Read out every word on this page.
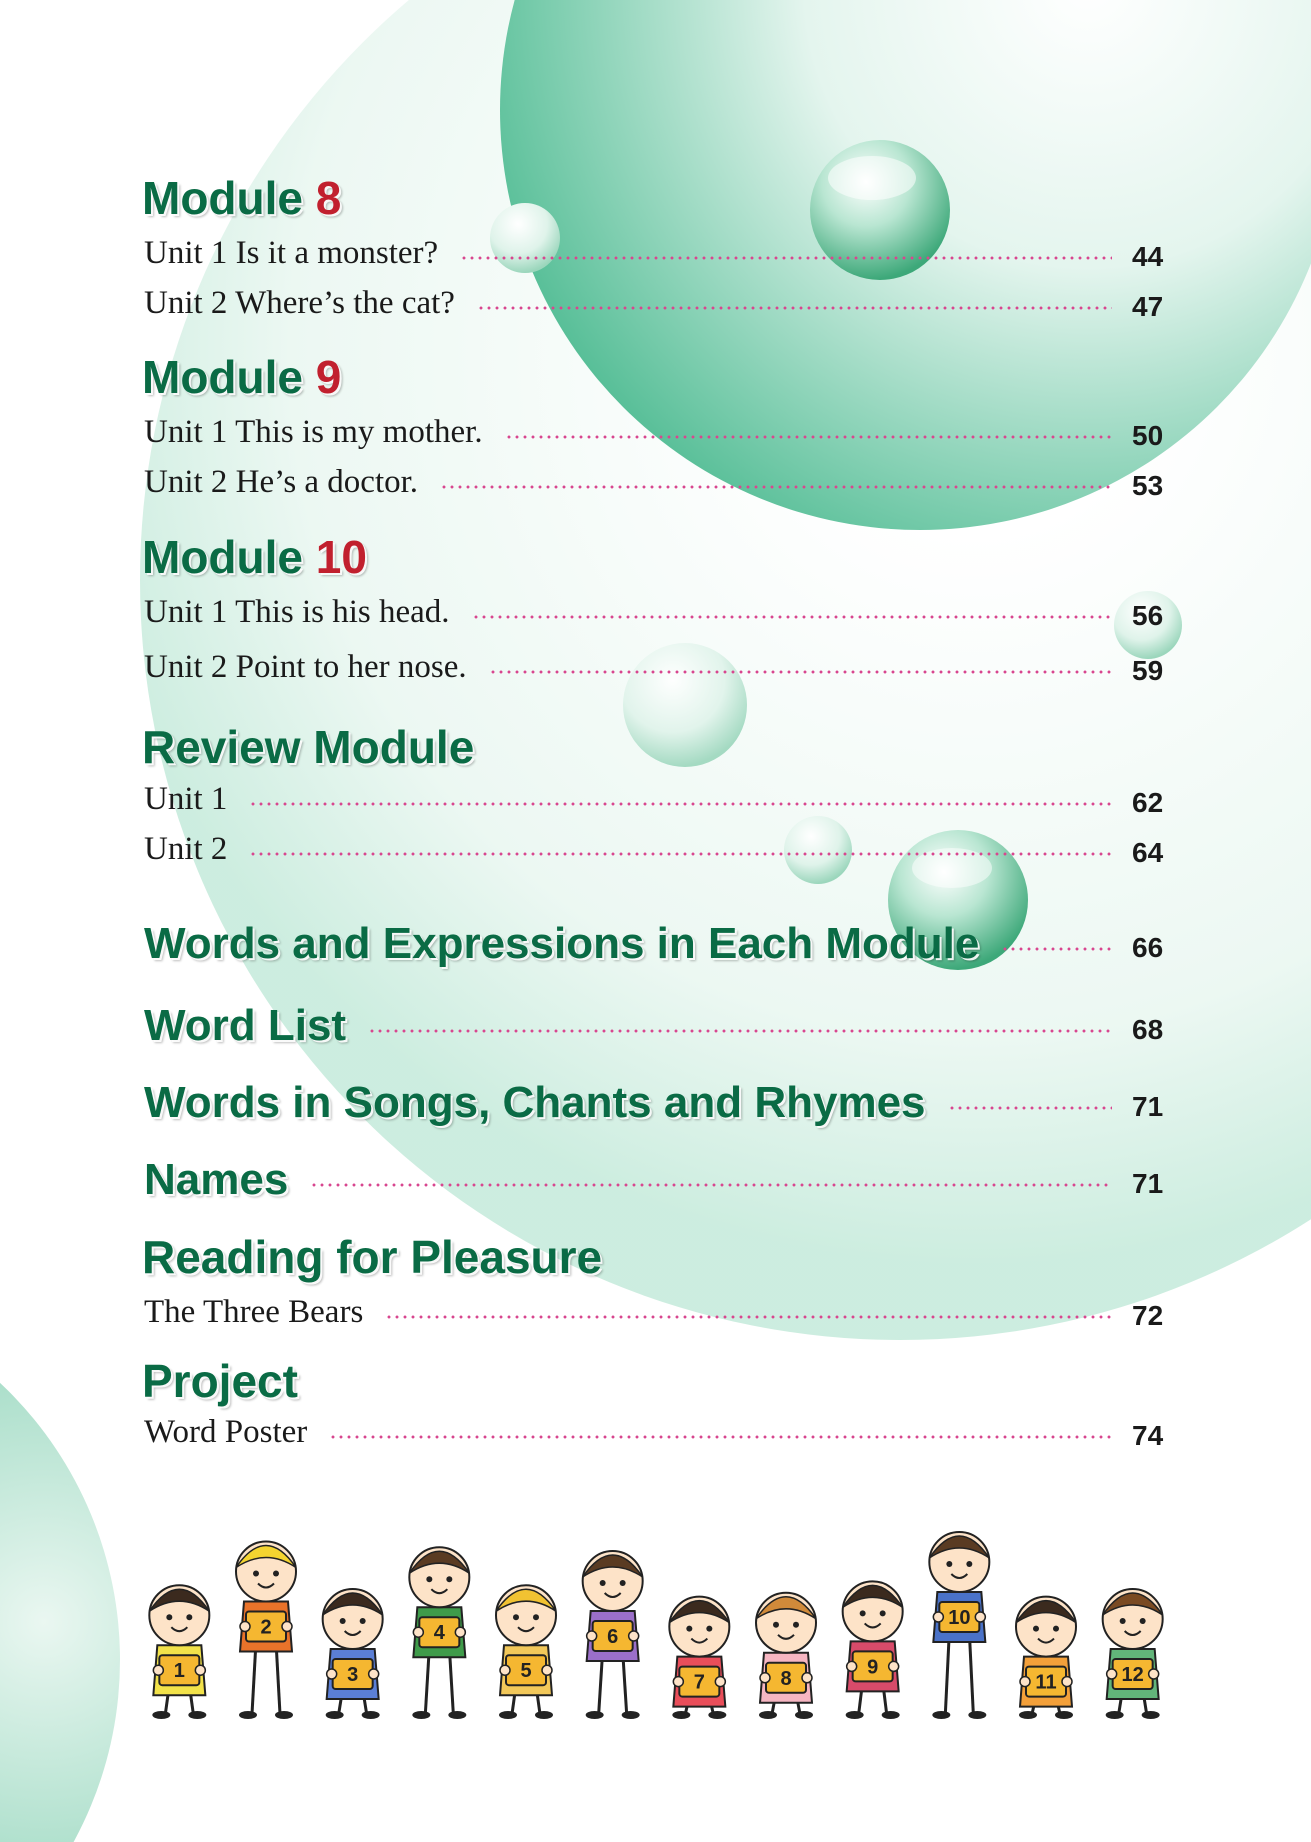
Module 8
Unit 1 Is it a monster?	44
Unit 2 Where’s the cat?	47
Module 9
Unit 1 This is my mother.	50
Unit 2 He’s a doctor.	53
Module 10
Unit 1 This is his head.	56
Unit 2 Point to her nose.	59
Review Module
Unit 1	62
Unit 2	64
Words and Expressions in Each Module	66
Word List	68
Words in Songs, Chants and Rhymes	71
Names	71
Reading for Pleasure
The Three Bears	72
Project
Word Poster	74
1
2
3
4
5
6
7	8
9
10
11	12
